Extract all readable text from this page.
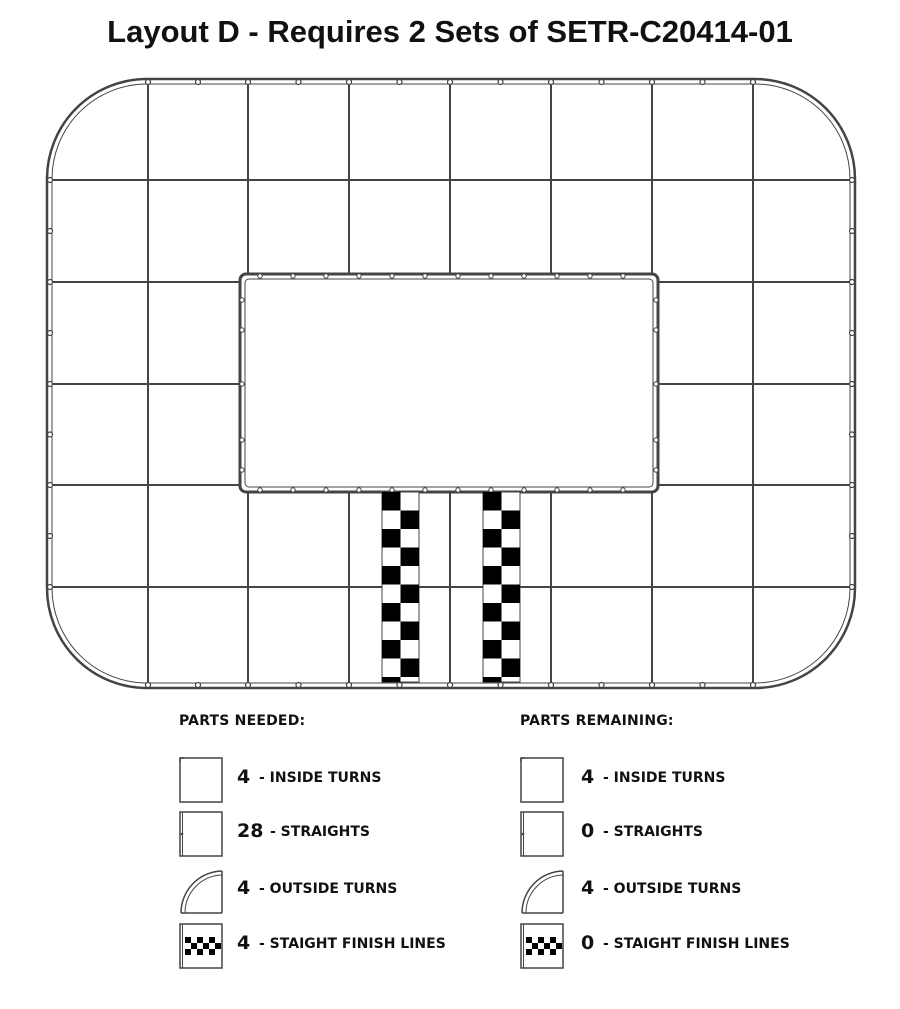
Layout D - Requires 2 Sets of SETR-C20414-01
PARTS NEEDED:
4 - INSIDE TURNS
28 - STRAIGHTS
4 - OUTSIDE TURNS
4 - STAIGHT FINISH LINES
PARTS REMAINING:
4 - INSIDE TURNS
0 - STRAIGHTS
4 - OUTSIDE TURNS
0 - STAIGHT FINISH LINES
